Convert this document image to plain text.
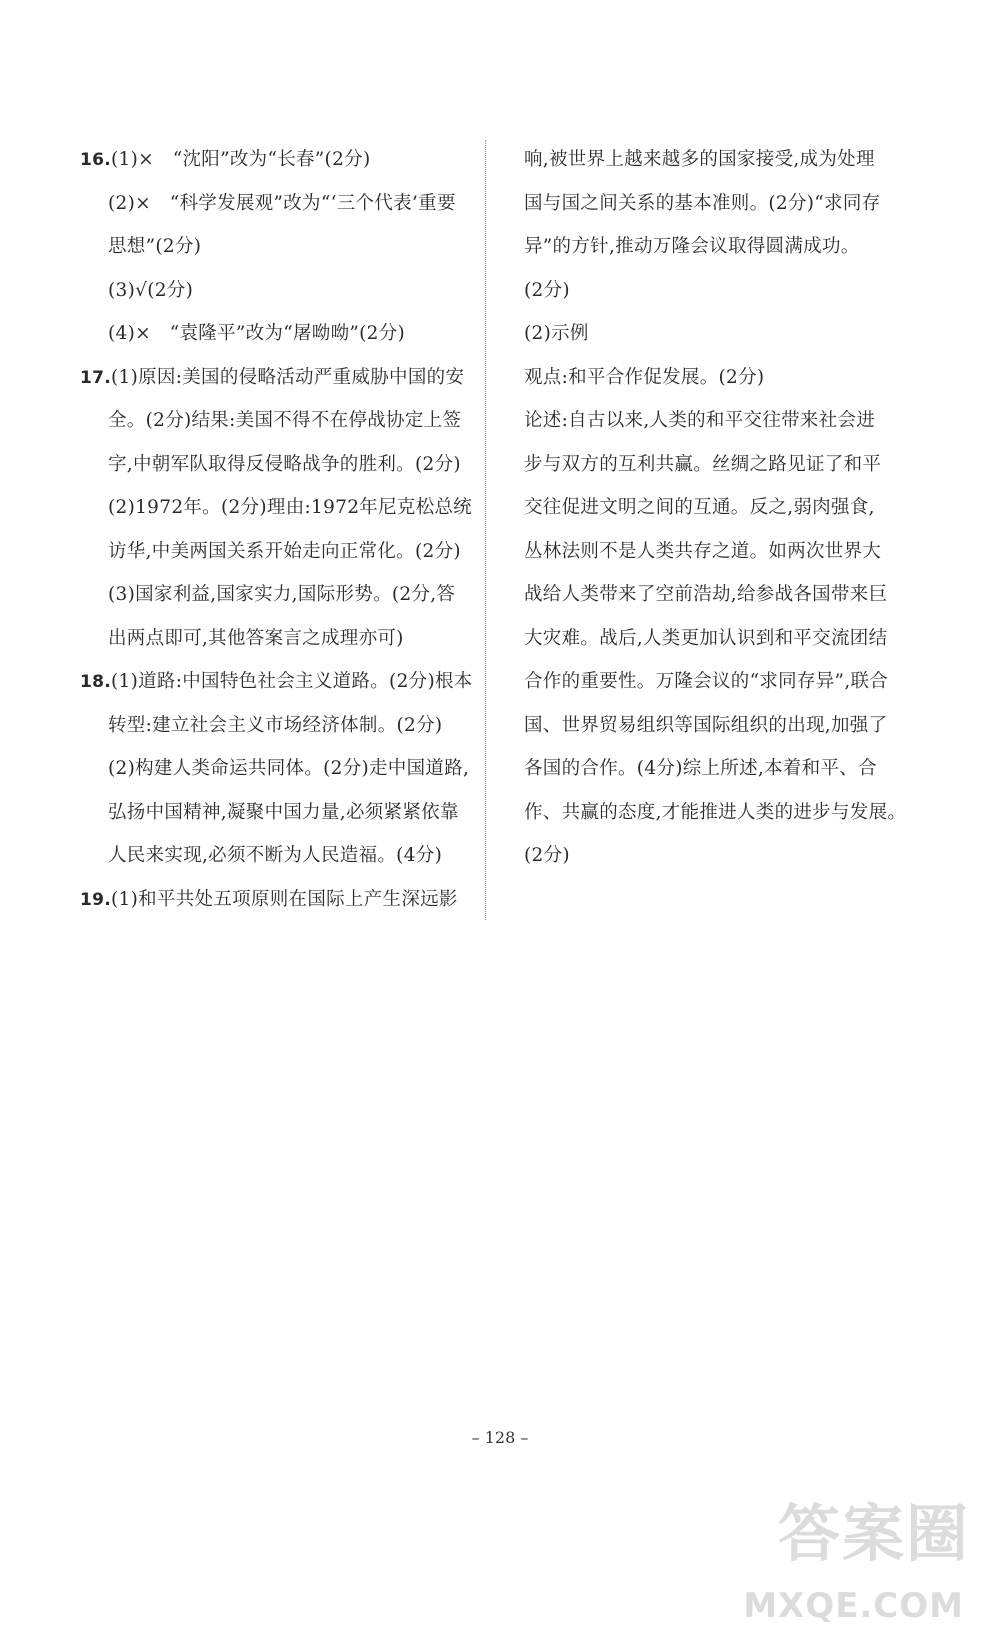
16.(1)×　“沈阳”改为“长春”(2分)
(2)×　“科学发展观”改为“‘三个代表’重要
思想”(2分)
(3)√(2分)
(4)×　“袁隆平”改为“屠呦呦”(2分)
17.(1)原因:美国的侵略活动严重威胁中国的安
全。(2分)结果:美国不得不在停战协定上签
字,中朝军队取得反侵略战争的胜利。(2分)
(2)1972年。(2分)理由:1972年尼克松总统
访华,中美两国关系开始走向正常化。(2分)
(3)国家利益,国家实力,国际形势。(2分,答
出两点即可,其他答案言之成理亦可)
18.(1)道路:中国特色社会主义道路。(2分)根本
转型:建立社会主义市场经济体制。(2分)
(2)构建人类命运共同体。(2分)走中国道路,
弘扬中国精神,凝聚中国力量,必须紧紧依靠
人民来实现,必须不断为人民造福。(4分)
19.(1)和平共处五项原则在国际上产生深远影
响,被世界上越来越多的国家接受,成为处理
国与国之间关系的基本准则。(2分)“求同存
异”的方针,推动万隆会议取得圆满成功。
(2分)
(2)示例
观点:和平合作促发展。(2分)
论述:自古以来,人类的和平交往带来社会进
步与双方的互利共赢。丝绸之路见证了和平
交往促进文明之间的互通。反之,弱肉强食,
丛林法则不是人类共存之道。如两次世界大
战给人类带来了空前浩劫,给参战各国带来巨
大灾难。战后,人类更加认识到和平交流团结
合作的重要性。万隆会议的“求同存异”,联合
国、世界贸易组织等国际组织的出现,加强了
各国的合作。(4分)综上所述,本着和平、合
作、共赢的态度,才能推进人类的进步与发展。
(2分)
– 128 –
答案圈
MXQE.COM
